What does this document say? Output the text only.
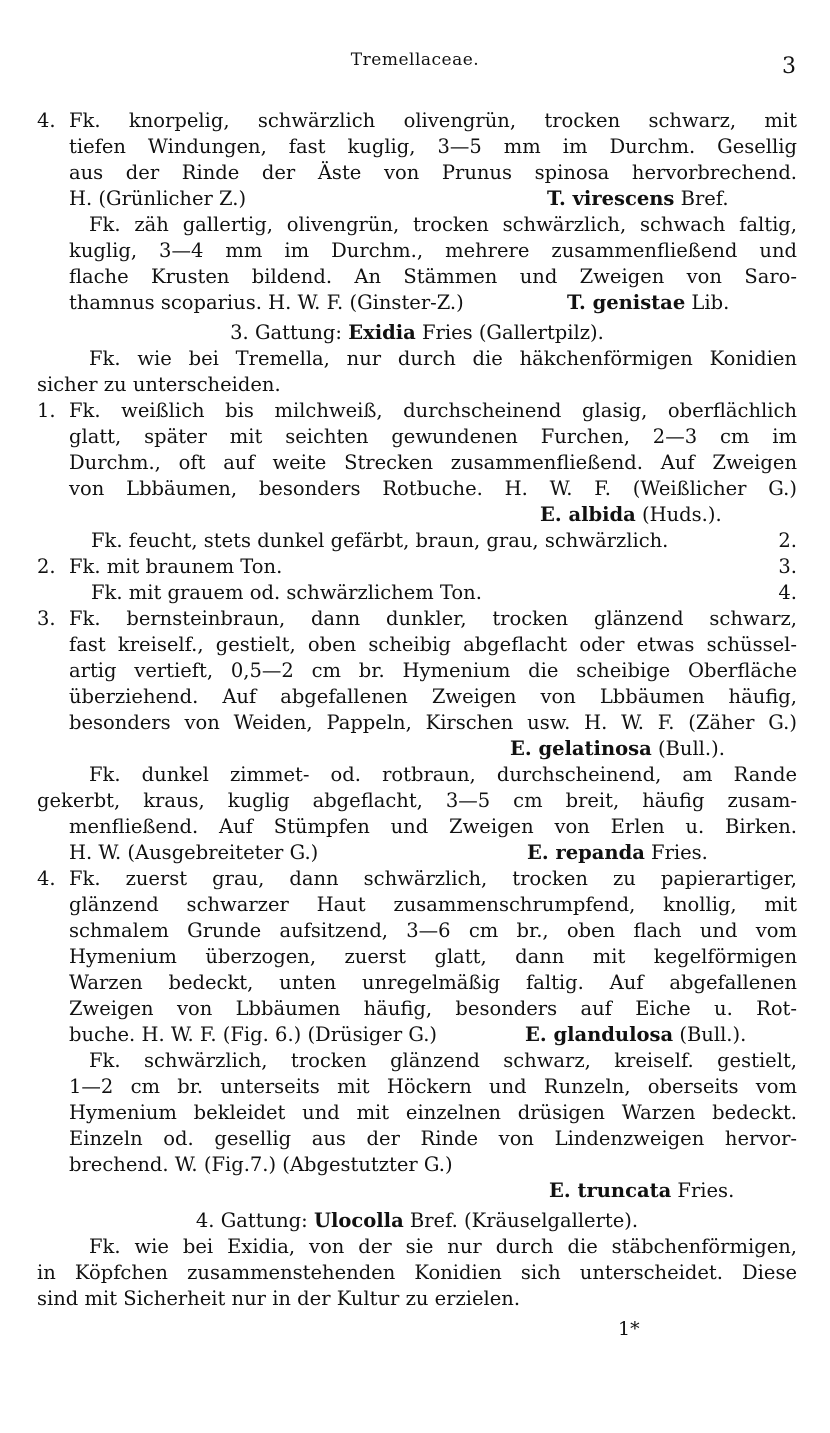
Tremellaceae.	3
4. Fk. knorpelig, schwärzlich olivengrün, trocken schwarz, mit
tiefen Windungen, fast kuglig, 3—5 mm im Durchm. Gesellig
aus der Rinde der Äste von Prunus spinosa hervorbrechend.
H. (Grünlicher Z.)	T. virescens Bref.
Fk. zäh gallertig, olivengrün, trocken schwärzlich, schwach faltig,
kuglig, 3—4 mm im Durchm., mehrere zusammenfließend und
flache Krusten bildend. An Stämmen und Zweigen von Saro-
thamnus scoparius. H. W. F. (Ginster-Z.)	T. genistae Lib.
3. Gattung: Exidia Fries (Gallertpilz).
Fk. wie bei Tremella, nur durch die häkchenförmigen Konidien
sicher zu unterscheiden.
1. Fk. weißlich bis milchweiß, durchscheinend glasig, oberflächlich
glatt, später mit seichten gewundenen Furchen, 2—3 cm im
Durchm., oft auf weite Strecken zusammenfließend. Auf Zweigen
von Lbbäumen, besonders Rotbuche. H. W. F. (Weißlicher G.)
E. albida (Huds.).
Fk. feucht, stets dunkel gefärbt, braun, grau, schwärzlich.	2.
2. Fk. mit braunem Ton.	3.
Fk. mit grauem od. schwärzlichem Ton.	4.
3. Fk. bernsteinbraun, dann dunkler, trocken glänzend schwarz,
fast kreiself., gestielt, oben scheibig abgeflacht oder etwas schüssel-
artig vertieft, 0,5—2 cm br. Hymenium die scheibige Oberfläche
überziehend. Auf abgefallenen Zweigen von Lbbäumen häufig,
besonders von Weiden, Pappeln, Kirschen usw. H. W. F. (Zäher G.)
E. gelatinosa (Bull.).
Fk. dunkel zimmet- od. rotbraun, durchscheinend, am Rande
gekerbt, kraus, kuglig abgeflacht, 3—5 cm breit, häufig zusam-
menfließend. Auf Stümpfen und Zweigen von Erlen u. Birken.
H. W. (Ausgebreiteter G.)	E. repanda Fries.
4. Fk. zuerst grau, dann schwärzlich, trocken zu papierartiger,
glänzend schwarzer Haut zusammenschrumpfend, knollig, mit
schmalem Grunde aufsitzend, 3—6 cm br., oben flach und vom
Hymenium überzogen, zuerst glatt, dann mit kegelförmigen
Warzen bedeckt, unten unregelmäßig faltig. Auf abgefallenen
Zweigen von Lbbäumen häufig, besonders auf Eiche u. Rot-
buche. H. W. F. (Fig. 6.) (Drüsiger G.)	E. glandulosa (Bull.).
Fk. schwärzlich, trocken glänzend schwarz, kreiself. gestielt,
1—2 cm br. unterseits mit Höckern und Runzeln, oberseits vom
Hymenium bekleidet und mit einzelnen drüsigen Warzen bedeckt.
Einzeln od. gesellig aus der Rinde von Lindenzweigen hervor-
brechend. W. (Fig.7.) (Abgestutzter G.)
E. truncata Fries.
4. Gattung: Ulocolla Bref. (Kräuselgallerte).
Fk. wie bei Exidia, von der sie nur durch die stäbchenförmigen,
in Köpfchen zusammenstehenden Konidien sich unterscheidet. Diese
sind mit Sicherheit nur in der Kultur zu erzielen.
1*
